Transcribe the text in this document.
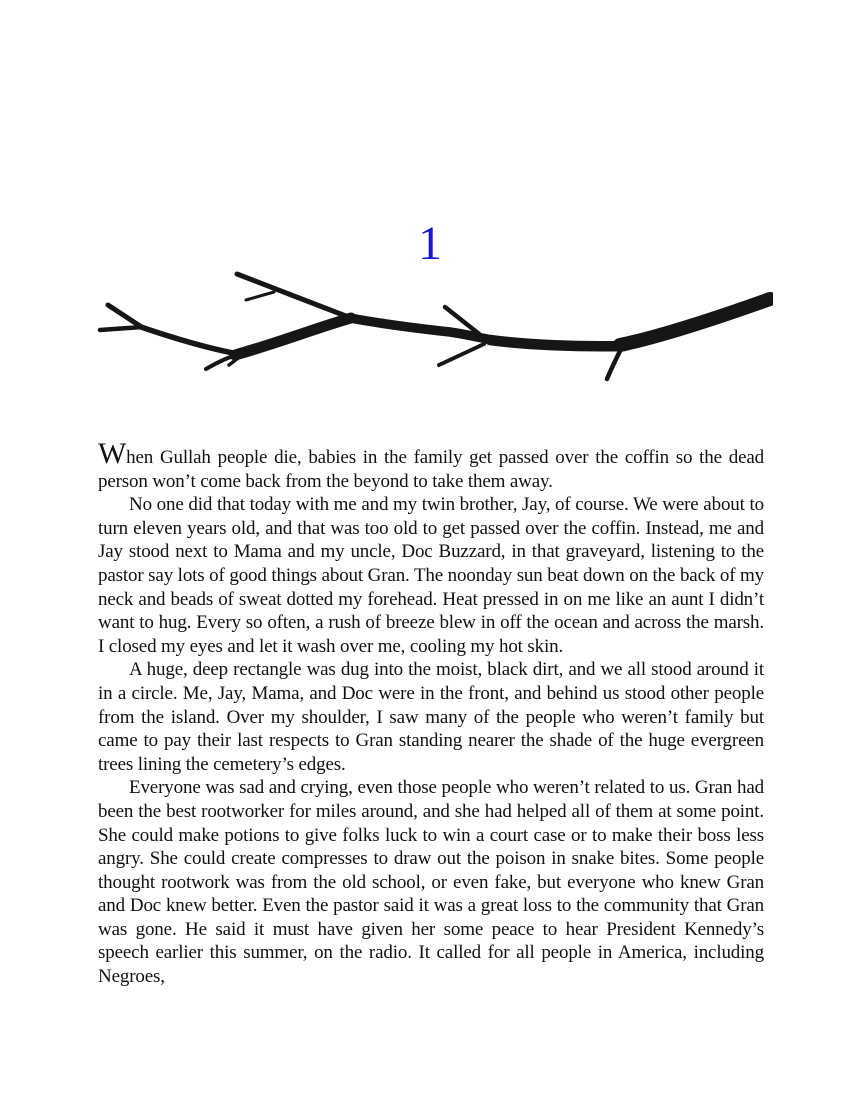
1

When Gullah people die, babies in the family get passed over the coffin so the dead person won’t come back from the beyond to take them away.

No one did that today with me and my twin brother, Jay, of course. We were about to turn eleven years old, and that was too old to get passed over the coffin. Instead, me and Jay stood next to Mama and my uncle, Doc Buzzard, in that graveyard, listening to the pastor say lots of good things about Gran. The noonday sun beat down on the back of my neck and beads of sweat dotted my forehead. Heat pressed in on me like an aunt I didn’t want to hug. Every so often, a rush of breeze blew in off the ocean and across the marsh. I closed my eyes and let it wash over me, cooling my hot skin.

A huge, deep rectangle was dug into the moist, black dirt, and we all stood around it in a circle. Me, Jay, Mama, and Doc were in the front, and behind us stood other people from the island. Over my shoulder, I saw many of the people who weren’t family but came to pay their last respects to Gran standing nearer the shade of the huge evergreen trees lining the cemetery’s edges.

Everyone was sad and crying, even those people who weren’t related to us. Gran had been the best rootworker for miles around, and she had helped all of them at some point. She could make potions to give folks luck to win a court case or to make their boss less angry. She could create compresses to draw out the poison in snake bites. Some people thought rootwork was from the old school, or even fake, but everyone who knew Gran and Doc knew better. Even the pastor said it was a great loss to the community that Gran was gone. He said it must have given her some peace to hear President Kennedy’s speech earlier this summer, on the radio. It called for all people in America, including Negroes,
